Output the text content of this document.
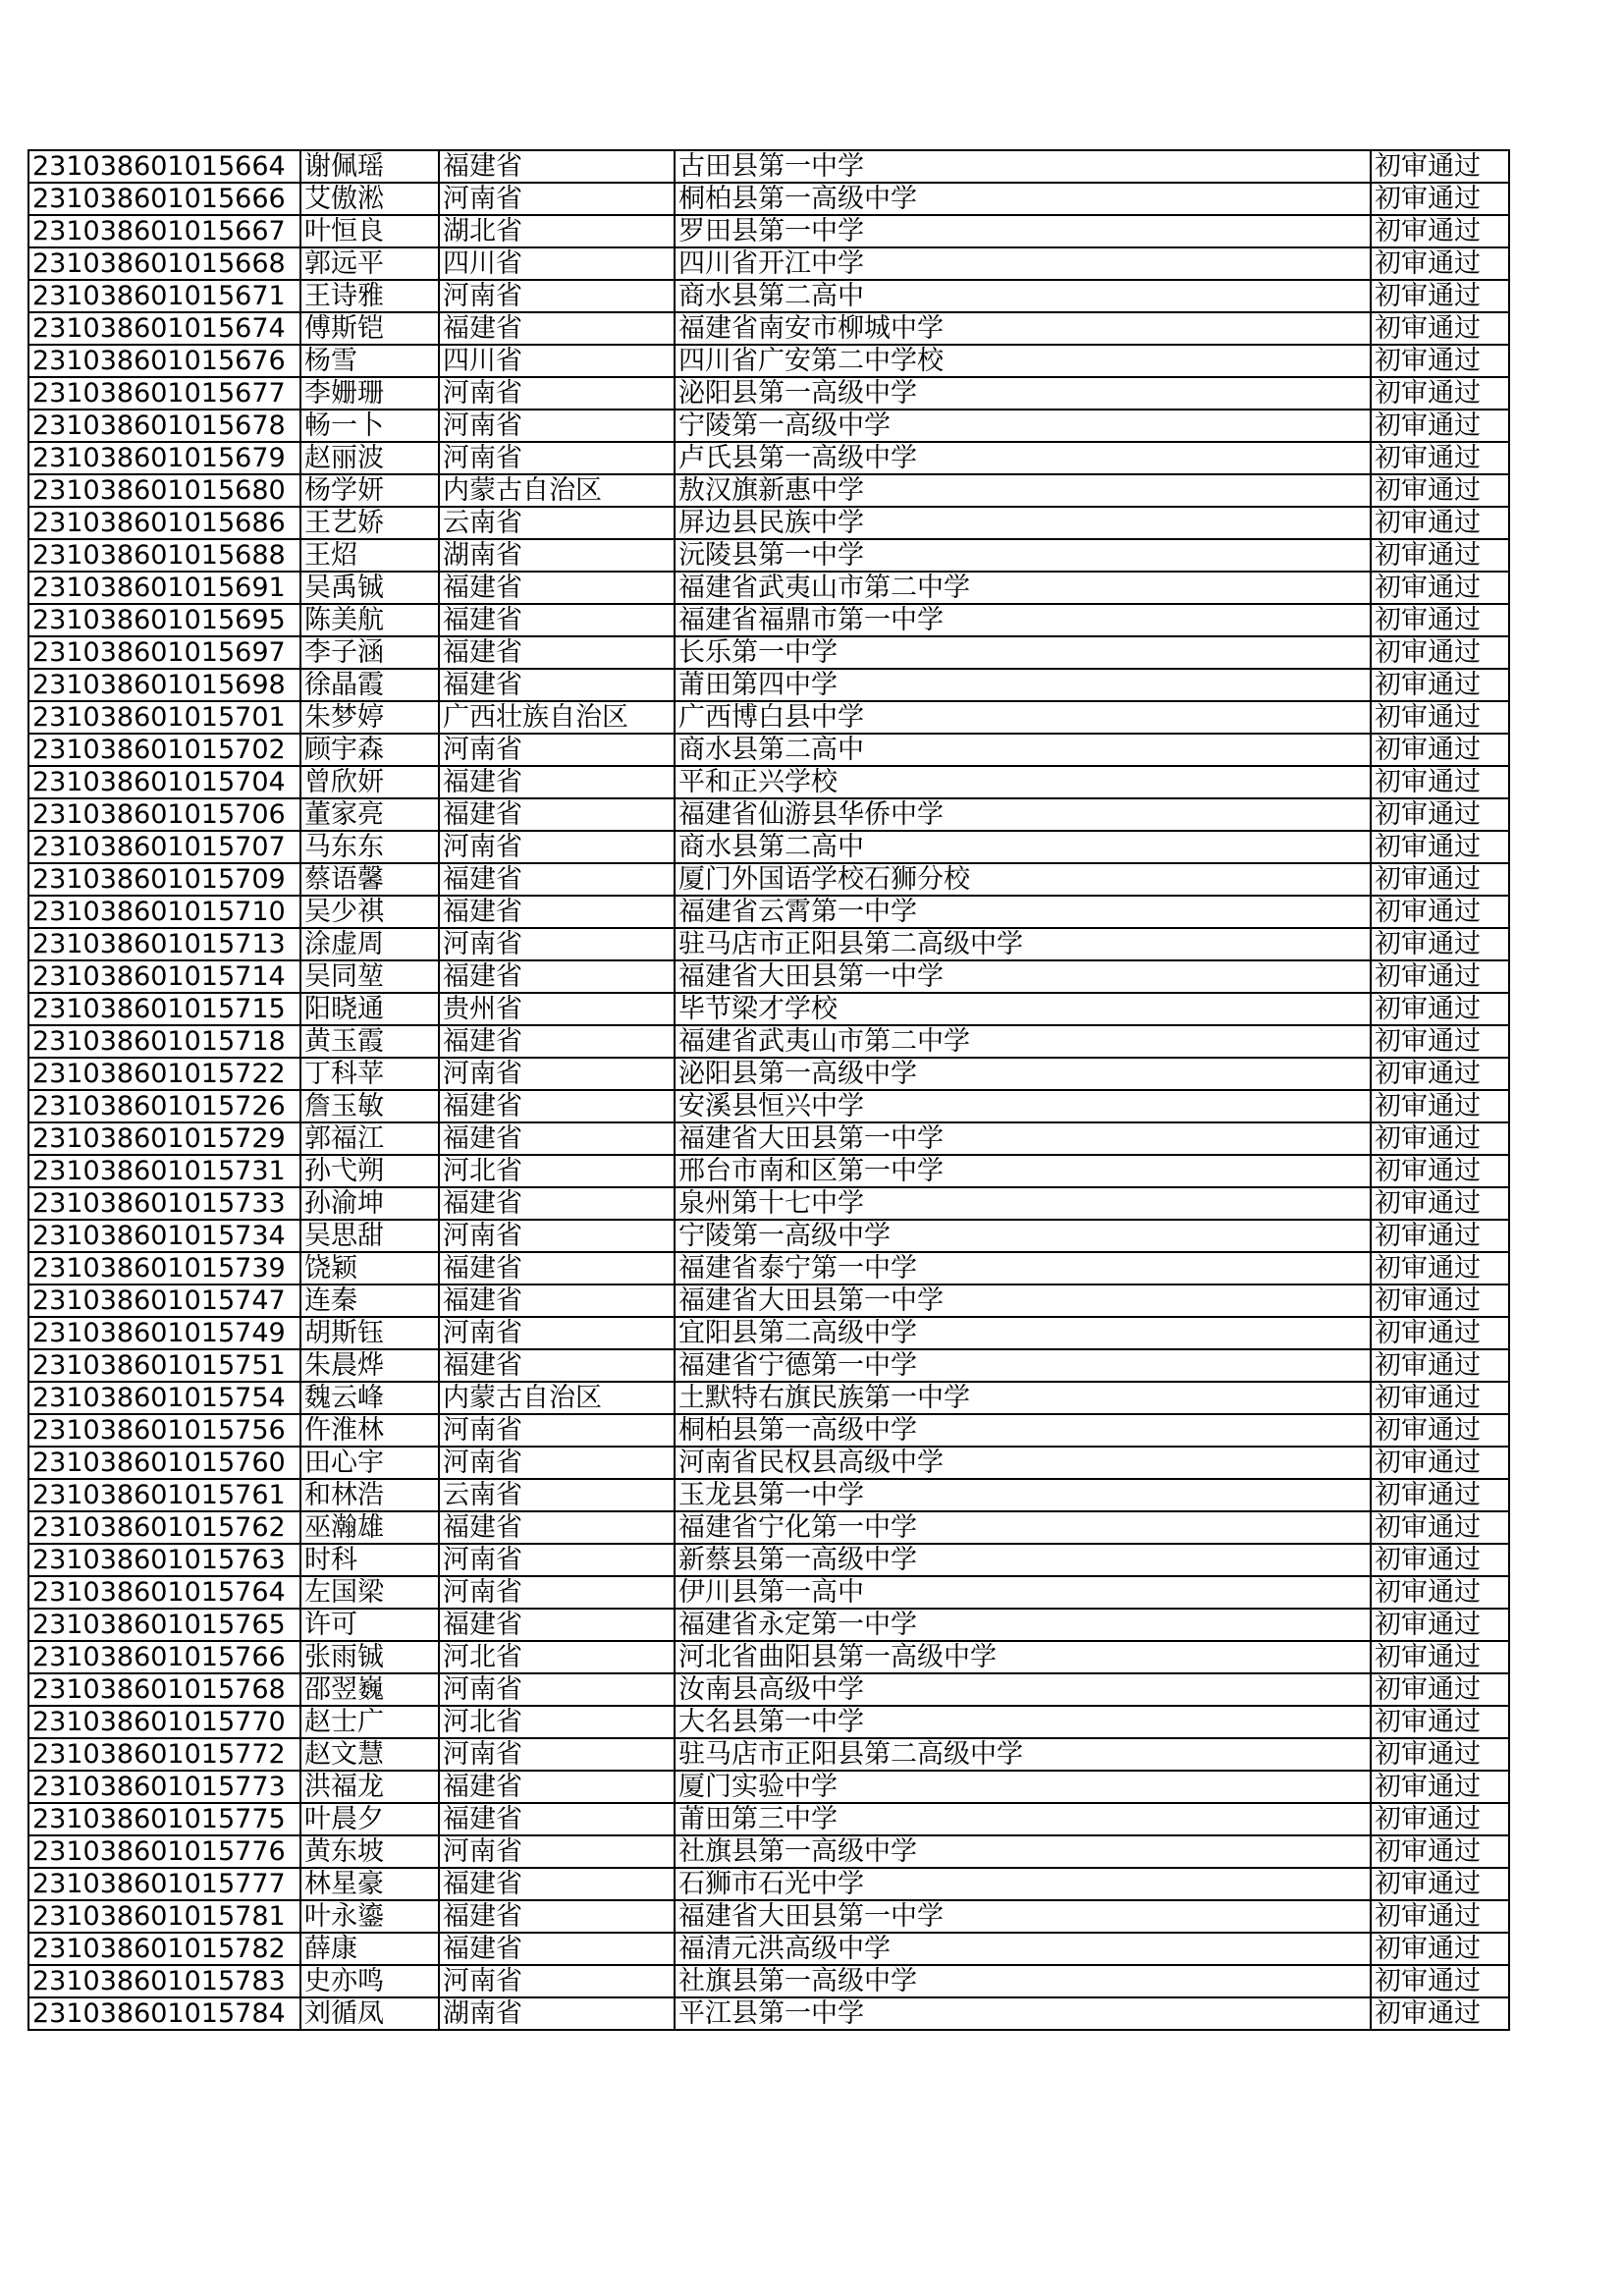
231038601015664	谢佩瑶	福建省	古田县第一中学	初审通过
231038601015666	艾傲淞	河南省	桐柏县第一高级中学	初审通过
231038601015667	叶恒良	湖北省	罗田县第一中学	初审通过
231038601015668	郭远平	四川省	四川省开江中学	初审通过
231038601015671	王诗雅	河南省	商水县第二高中	初审通过
231038601015674	傅斯铠	福建省	福建省南安市柳城中学	初审通过
231038601015676	杨雪	四川省	四川省广安第二中学校	初审通过
231038601015677	李姗珊	河南省	泌阳县第一高级中学	初审通过
231038601015678	畅一卜	河南省	宁陵第一高级中学	初审通过
231038601015679	赵丽波	河南省	卢氏县第一高级中学	初审通过
231038601015680	杨学妍	内蒙古自治区	敖汉旗新惠中学	初审通过
231038601015686	王艺娇	云南省	屏边县民族中学	初审通过
231038601015688	王炤	湖南省	沅陵县第一中学	初审通过
231038601015691	吴禹铖	福建省	福建省武夷山市第二中学	初审通过
231038601015695	陈美航	福建省	福建省福鼎市第一中学	初审通过
231038601015697	李子涵	福建省	长乐第一中学	初审通过
231038601015698	徐晶霞	福建省	莆田第四中学	初审通过
231038601015701	朱梦婷	广西壮族自治区	广西博白县中学	初审通过
231038601015702	顾宇森	河南省	商水县第二高中	初审通过
231038601015704	曾欣妍	福建省	平和正兴学校	初审通过
231038601015706	董家亮	福建省	福建省仙游县华侨中学	初审通过
231038601015707	马东东	河南省	商水县第二高中	初审通过
231038601015709	蔡语馨	福建省	厦门外国语学校石狮分校	初审通过
231038601015710	吴少祺	福建省	福建省云霄第一中学	初审通过
231038601015713	涂虚周	河南省	驻马店市正阳县第二高级中学	初审通过
231038601015714	吴同堃	福建省	福建省大田县第一中学	初审通过
231038601015715	阳晓通	贵州省	毕节梁才学校	初审通过
231038601015718	黄玉霞	福建省	福建省武夷山市第二中学	初审通过
231038601015722	丁科苹	河南省	泌阳县第一高级中学	初审通过
231038601015726	詹玉敏	福建省	安溪县恒兴中学	初审通过
231038601015729	郭福江	福建省	福建省大田县第一中学	初审通过
231038601015731	孙弋朔	河北省	邢台市南和区第一中学	初审通过
231038601015733	孙渝坤	福建省	泉州第十七中学	初审通过
231038601015734	吴思甜	河南省	宁陵第一高级中学	初审通过
231038601015739	饶颖	福建省	福建省泰宁第一中学	初审通过
231038601015747	连秦	福建省	福建省大田县第一中学	初审通过
231038601015749	胡斯钰	河南省	宜阳县第二高级中学	初审通过
231038601015751	朱晨烨	福建省	福建省宁德第一中学	初审通过
231038601015754	魏云峰	内蒙古自治区	土默特右旗民族第一中学	初审通过
231038601015756	仵淮林	河南省	桐柏县第一高级中学	初审通过
231038601015760	田心宇	河南省	河南省民权县高级中学	初审通过
231038601015761	和林浩	云南省	玉龙县第一中学	初审通过
231038601015762	巫瀚雄	福建省	福建省宁化第一中学	初审通过
231038601015763	时科	河南省	新蔡县第一高级中学	初审通过
231038601015764	左国梁	河南省	伊川县第一高中	初审通过
231038601015765	许可	福建省	福建省永定第一中学	初审通过
231038601015766	张雨铖	河北省	河北省曲阳县第一高级中学	初审通过
231038601015768	邵翌巍	河南省	汝南县高级中学	初审通过
231038601015770	赵士广	河北省	大名县第一中学	初审通过
231038601015772	赵文慧	河南省	驻马店市正阳县第二高级中学	初审通过
231038601015773	洪福龙	福建省	厦门实验中学	初审通过
231038601015775	叶晨夕	福建省	莆田第三中学	初审通过
231038601015776	黄东坡	河南省	社旗县第一高级中学	初审通过
231038601015777	林星豪	福建省	石狮市石光中学	初审通过
231038601015781	叶永鎏	福建省	福建省大田县第一中学	初审通过
231038601015782	薛康	福建省	福清元洪高级中学	初审通过
231038601015783	史亦鸣	河南省	社旗县第一高级中学	初审通过
231038601015784	刘循凤	湖南省	平江县第一中学	初审通过
